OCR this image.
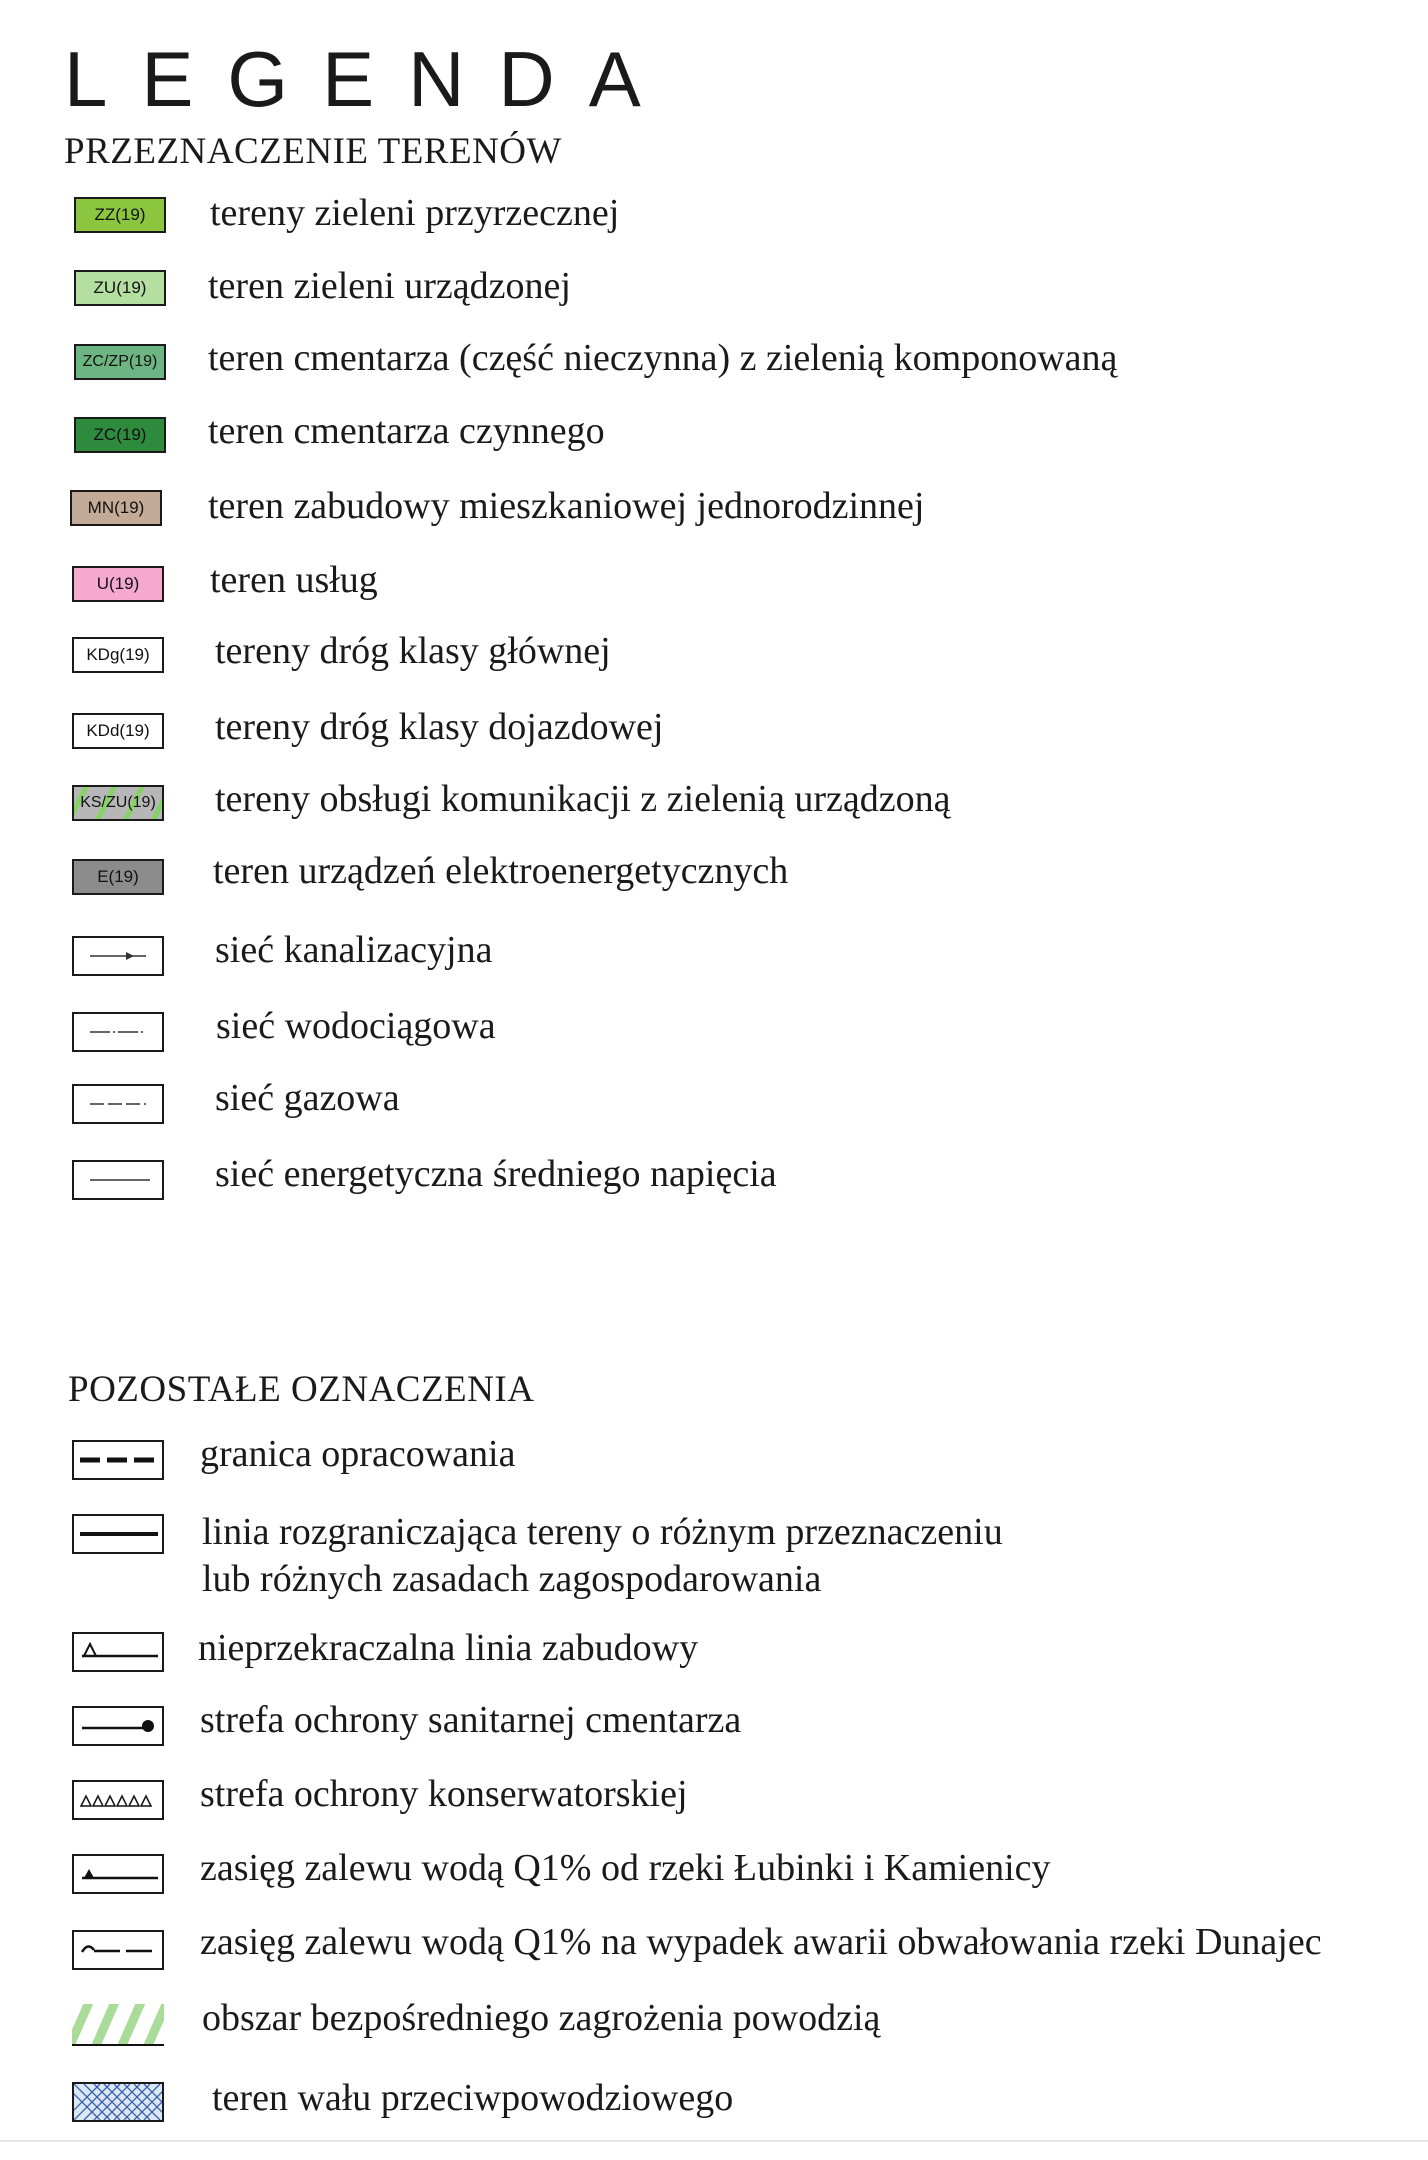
LEGENDA
PRZEZNACZENIE TERENÓW
ZZ(19) tereny zieleni przyrzecznej
ZU(19) teren zieleni urządzonej
ZC/ZP(19) teren cmentarza (część nieczynna) z zielenią komponowaną
ZC(19) teren cmentarza czynnego
MN(19) teren zabudowy mieszkaniowej jednorodzinnej
U(19) teren usług
KDg(19) tereny dróg klasy głównej
KDd(19) tereny dróg klasy dojazdowej
KS/ZU(19) tereny obsługi komunikacji z zielenią urządzoną
E(19) teren urządzeń elektroenergetycznych
sieć kanalizacyjna
sieć wodociągowa
sieć gazowa
sieć energetyczna średniego napięcia
POZOSTAŁE OZNACZENIA
granica opracowania
linia rozgraniczająca tereny o różnym przeznaczeniu
lub różnych zasadach zagospodarowania
nieprzekraczalna linia zabudowy
strefa ochrony sanitarnej cmentarza
strefa ochrony konserwatorskiej
zasięg zalewu wodą Q1% od rzeki Łubinki i Kamienicy
zasięg zalewu wodą Q1% na wypadek awarii obwałowania rzeki Dunajec
obszar bezpośredniego zagrożenia powodzią
teren wału przeciwpowodziowego
